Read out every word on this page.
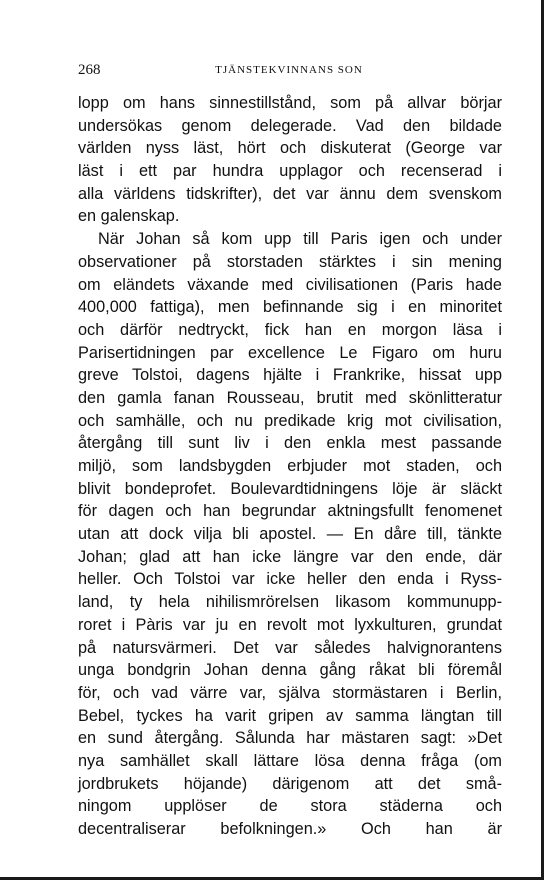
268	TJÄNSTEKVINNANS SON
lopp om hans sinnestillstånd, som på allvar börjar
undersökas genom delegerade. Vad den bildade
världen nyss läst, hört och diskuterat (George var
läst i ett par hundra upplagor och recenserad i
alla världens tidskrifter), det var ännu dem svenskom
en galenskap.
När Johan så kom upp till Paris igen och under
observationer på storstaden stärktes i sin mening
om eländets växande med civilisationen (Paris hade
400,000 fattiga), men befinnande sig i en minoritet
och därför nedtryckt, fick han en morgon läsa i
Parisertidningen par excellence Le Figaro om huru
greve Tolstoi, dagens hjälte i Frankrike, hissat upp
den gamla fanan Rousseau, brutit med skönlitteratur
och samhälle, och nu predikade krig mot civilisation,
återgång till sunt liv i den enkla mest passande
miljö, som landsbygden erbjuder mot staden, och
blivit bondeprofet. Boulevardtidningens löje är släckt
för dagen och han begrundar aktningsfullt fenomenet
utan att dock vilja bli apostel. — En dåre till, tänkte
Johan; glad att han icke längre var den ende, där
heller. Och Tolstoi var icke heller den enda i Ryss-
land, ty hela nihilismrörelsen likasom kommunupp-
roret i Pàris var ju en revolt mot lyxkulturen, grundat
på natursvärmeri. Det var således halvignorantens
unga bondgrin Johan denna gång råkat bli föremål
för, och vad värre var, själva stormästaren i Berlin,
Bebel, tyckes ha varit gripen av samma längtan till
en sund återgång. Sålunda har mästaren sagt: »Det
nya samhället skall lättare lösa denna fråga (om
jordbrukets höjande) därigenom att det små-
ningom upplöser de stora städerna och
decentraliserar befolkningen.» Och han är
